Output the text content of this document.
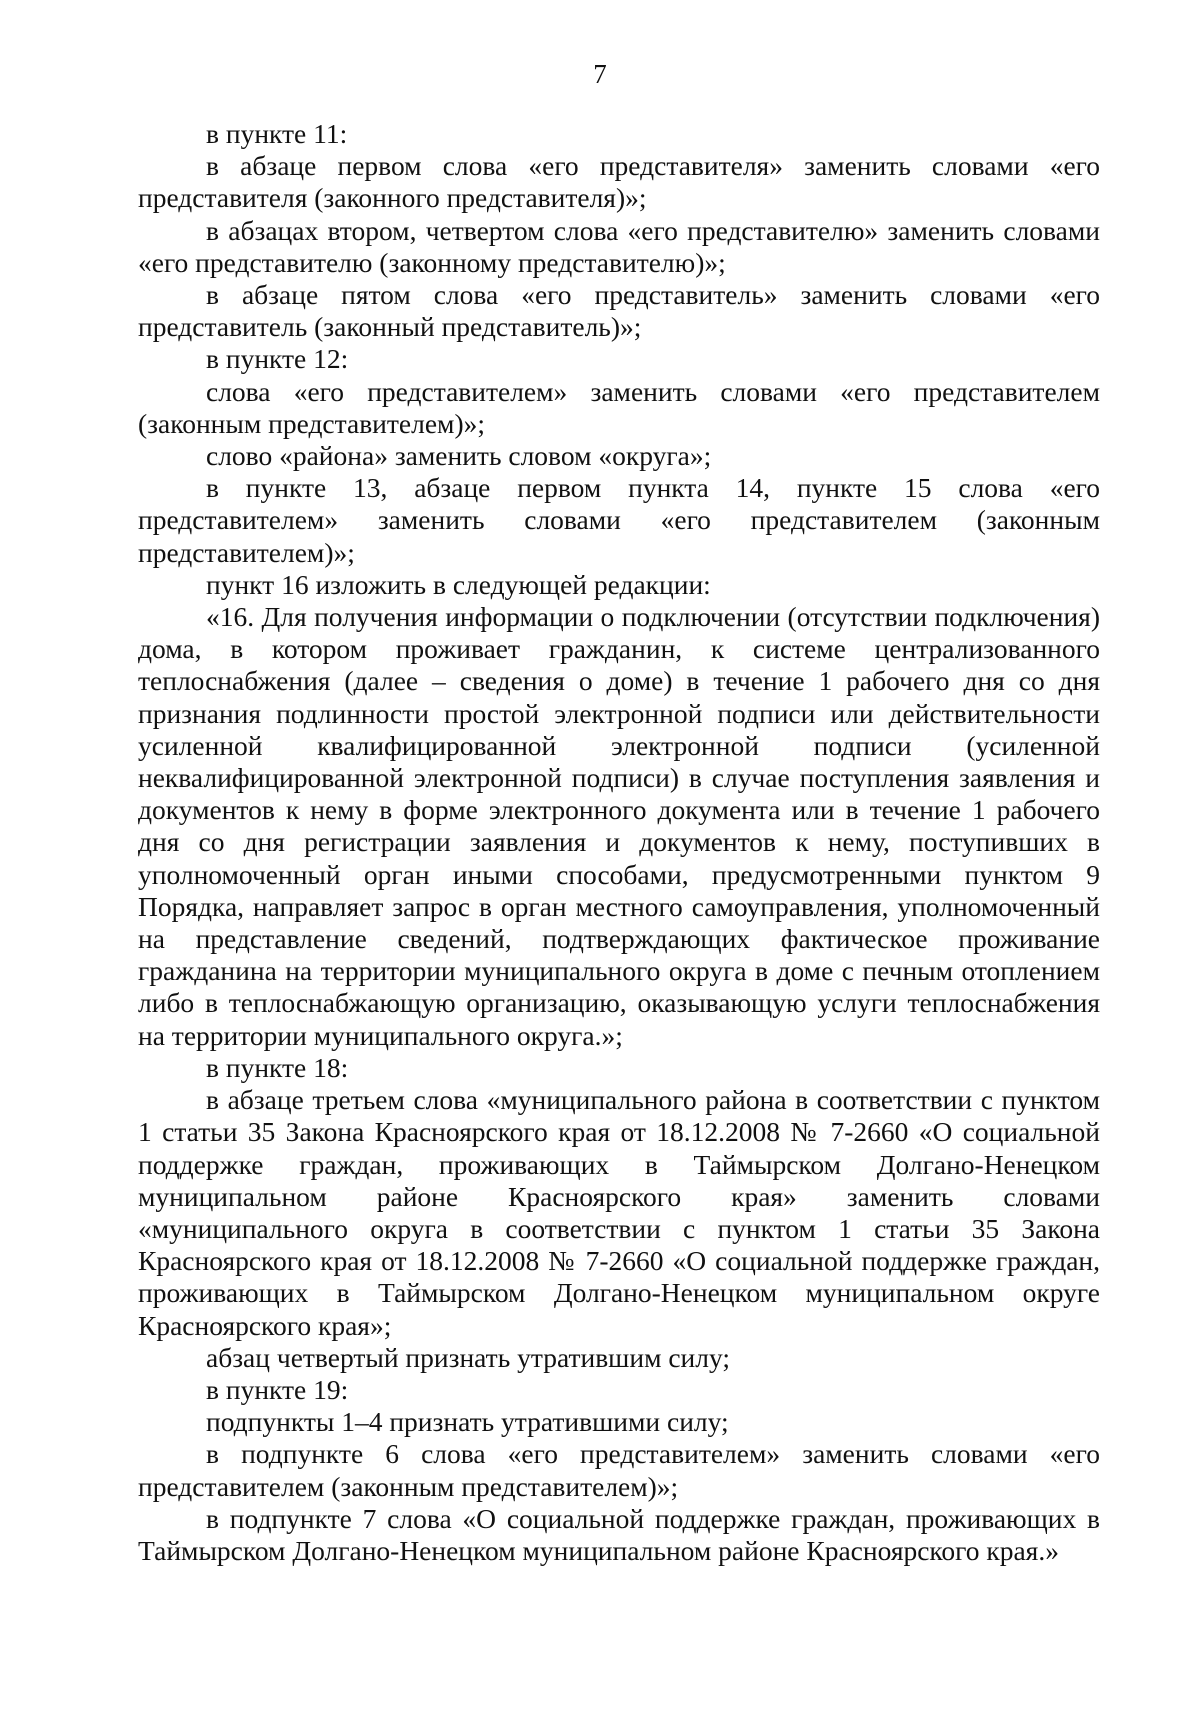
7

в пункте 11:

в абзаце первом слова «его представителя» заменить словами «его представителя (законного представителя)»;

в абзацах втором, четвертом слова «его представителю» заменить словами «его представителю (законному представителю)»;

в абзаце пятом слова «его представитель» заменить словами «его представитель (законный представитель)»;

в пункте 12:

слова «его представителем» заменить словами «его представителем (законным представителем)»;

слово «района» заменить словом «округа»;

в пункте 13, абзаце первом пункта 14, пункте 15 слова «его представителем» заменить словами «его представителем (законным представителем)»;

пункт 16 изложить в следующей редакции:

«16. Для получения информации о подключении (отсутствии подключения) дома, в котором проживает гражданин, к системе централизованного теплоснабжения (далее – сведения о доме) в течение 1 рабочего дня со дня признания подлинности простой электронной подписи или действительности усиленной квалифицированной электронной подписи (усиленной неквалифицированной электронной подписи) в случае поступления заявления и документов к нему в форме электронного документа или в течение 1 рабочего дня со дня регистрации заявления и документов к нему, поступивших в уполномоченный орган иными способами, предусмотренными пунктом 9 Порядка, направляет запрос в орган местного самоуправления, уполномоченный на представление сведений, подтверждающих фактическое проживание гражданина на территории муниципального округа в доме с печным отоплением либо в теплоснабжающую организацию, оказывающую услуги теплоснабжения на территории муниципального округа.»;

в пункте 18:

в абзаце третьем слова «муниципального района в соответствии с пунктом 1 статьи 35 Закона Красноярского края от 18.12.2008 № 7-2660 «О социальной поддержке граждан, проживающих в Таймырском Долгано-Ненецком муниципальном районе Красноярского края» заменить словами «муниципального округа в соответствии с пунктом 1 статьи 35 Закона Красноярского края от 18.12.2008 № 7-2660 «О социальной поддержке граждан, проживающих в Таймырском Долгано-Ненецком муниципальном округе Красноярского края»;

абзац четвертый признать утратившим силу;

в пункте 19:

подпункты 1–4 признать утратившими силу;

в подпункте 6 слова «его представителем» заменить словами «его представителем (законным представителем)»;

в подпункте 7 слова «О социальной поддержке граждан, проживающих в Таймырском Долгано-Ненецком муниципальном районе Красноярского края.»
